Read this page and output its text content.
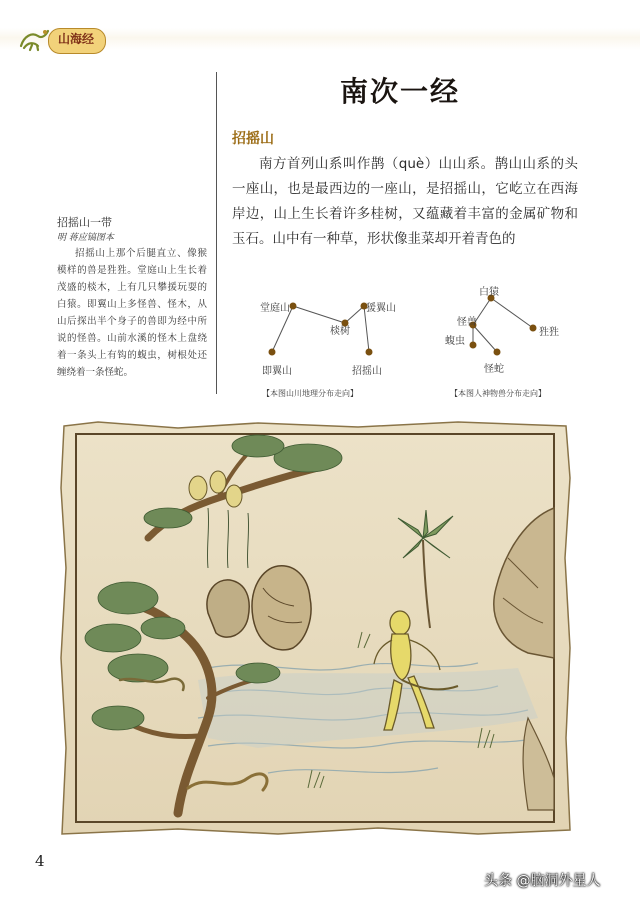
山海经
南次一经
招摇山
南方首列山系叫作鹊（què）山山系。鹊山山系的头一座山，也是最西边的一座山，是招摇山，它屹立在西海岸边，山上生长着许多桂树，又蕴藏着丰富的金属矿物和玉石。山中有一种草，形状像韭菜却开着青色的
招摇山一带
明 蒋应镐图本
招摇山上那个后腿直立、像猴模样的兽是狌狌。堂庭山上生长着茂盛的棪木，上有几只攀援玩耍的白猿。即翼山上多怪兽、怪木，从山后探出半个身子的兽即为经中所说的怪兽。山前水溪的怪木上盘绕着一条头上有钩的蝮虫，树根处还缠绕着一条怪蛇。
堂庭山	猨翼山
棪树
即翼山	招摇山
【本图山川地理分布走向】
白猿
怪兽
狌狌
蝮虫
怪蛇
【本图人神物兽分布走向】
4
头条 @脑洞外星人
